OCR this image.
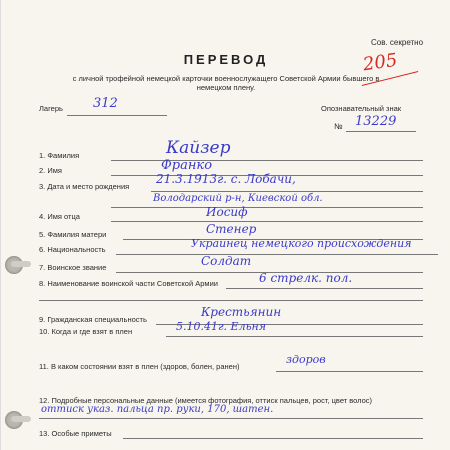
Сов. секретно
205
ПЕРЕВОД
с личной трофейной немецкой карточки военнослужащего Советской Армии бывшего в немецком плену.
Лагерь 312	Опознавательный знак
№ 13229
1. Фамилия	Кайзер
2. Имя	Франко
3. Дата и место рождения
21.3.1913г. с. Лобачи,
Володарский р-н, Киевской обл.
4. Имя отца	Иосиф
5. Фамилия матери	Стенер
6. Национальность	Украинец немецкого происхождения
7. Воинское звание	Солдат
8. Наименование воинской части Советской Армии	6 стрелк. пол.
9. Гражданская специальность
Крестьянин
10. Когда и где взят в плен	5.10.41г. Ельня
11. В каком состоянии взят в плен (здоров, болен, ранен)
здоров
12. Подробные персональные данные (имеется фотография, оттиск пальцев, рост, цвет волос)
оттиск указ. пальца пр. руки, 170, шатен.
13. Особые приметы
